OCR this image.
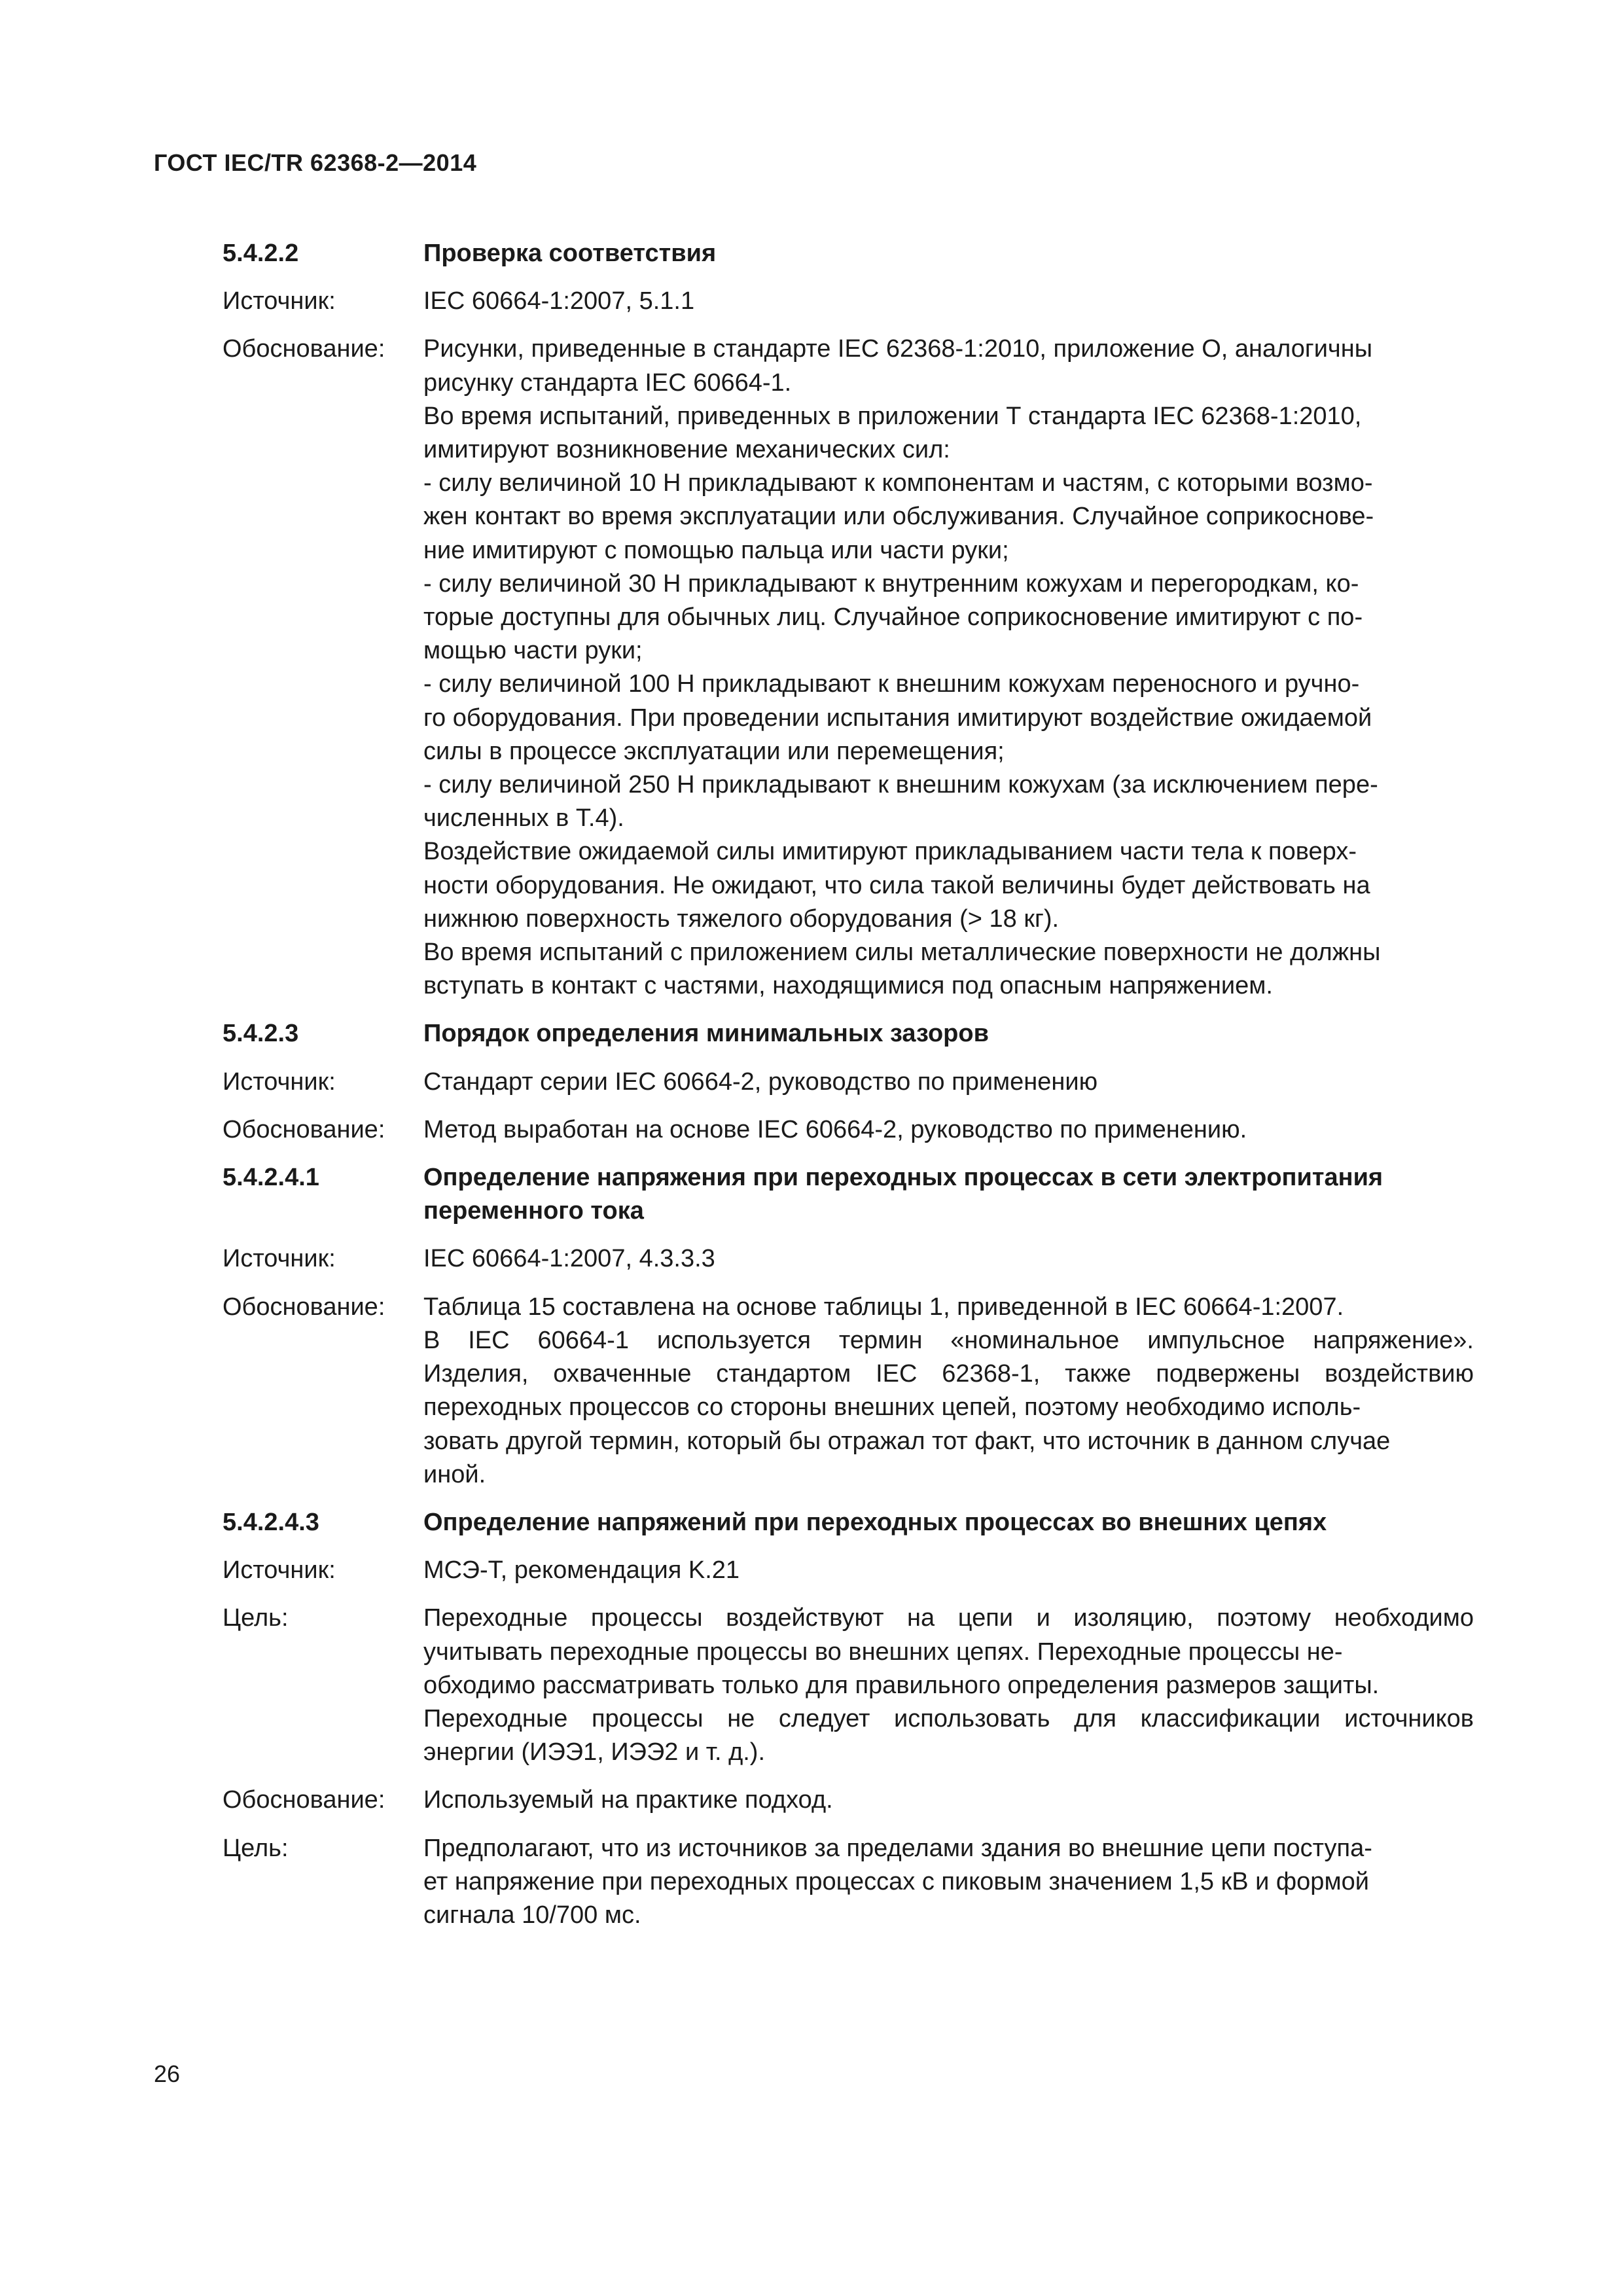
ГОСТ IEC/TR 62368-2—2014
5.4.2.2	Проверка соответствия
Источник:	IEC 60664-1:2007, 5.1.1
Обоснование:	Рисунки, приведенные в стандарте IEC 62368-1:2010, приложение О, аналогичны
рисунку стандарта IEC 60664-1.
Во время испытаний, приведенных в приложении Т стандарта IEC 62368-1:2010,
имитируют возникновение механических сил:
- силу величиной 10 Н прикладывают к компонентам и частям, с которыми возмо-
жен контакт во время эксплуатации или обслуживания. Случайное соприкоснове-
ние имитируют с помощью пальца или части руки;
- силу величиной 30 Н прикладывают к внутренним кожухам и перегородкам, ко-
торые доступны для обычных лиц. Случайное соприкосновение имитируют с по-
мощью части руки;
- силу величиной 100 Н прикладывают к внешним кожухам переносного и ручно-
го оборудования. При проведении испытания имитируют воздействие ожидаемой
силы в процессе эксплуатации или перемещения;
- силу величиной 250 Н прикладывают к внешним кожухам (за исключением пере-
численных в Т.4).
Воздействие ожидаемой силы имитируют прикладыванием части тела к поверх-
ности оборудования. Не ожидают, что сила такой величины будет действовать на
нижнюю поверхность тяжелого оборудования (> 18 кг).
Во время испытаний с приложением силы металлические поверхности не должны
вступать в контакт с частями, находящимися под опасным напряжением.
5.4.2.3	Порядок определения минимальных зазоров
Источник:	Стандарт серии IEC 60664-2, руководство по применению
Обоснование:	Метод выработан на основе IEC 60664-2, руководство по применению.
5.4.2.4.1	Определение напряжения при переходных процессах в сети электропитания
переменного тока
Источник:	IEC 60664-1:2007, 4.3.3.3
Обоснование:	Таблица 15 составлена на основе таблицы 1, приведенной в IEC 60664-1:2007.
В IEC 60664-1 используется термин «номинальное импульсное напряжение».
Изделия, охваченные стандартом IEC 62368-1, также подвержены воздействию
переходных процессов со стороны внешних цепей, поэтому необходимо исполь-
зовать другой термин, который бы отражал тот факт, что источник в данном случае
иной.
5.4.2.4.3	Определение напряжений при переходных процессах во внешних цепях
Источник:	МСЭ-Т, рекомендация K.21
Цель:	Переходные процессы воздействуют на цепи и изоляцию, поэтому необходимо
учитывать переходные процессы во внешних цепях. Переходные процессы не-
обходимо рассматривать только для правильного определения размеров защиты.
Переходные процессы не следует использовать для классификации источников
энергии (ИЭЭ1, ИЭЭ2 и т. д.).
Обоснование:	Используемый на практике подход.
Цель:	Предполагают, что из источников за пределами здания во внешние цепи поступа-
ет напряжение при переходных процессах с пиковым значением 1,5 кВ и формой
сигнала 10/700 мс.
26
